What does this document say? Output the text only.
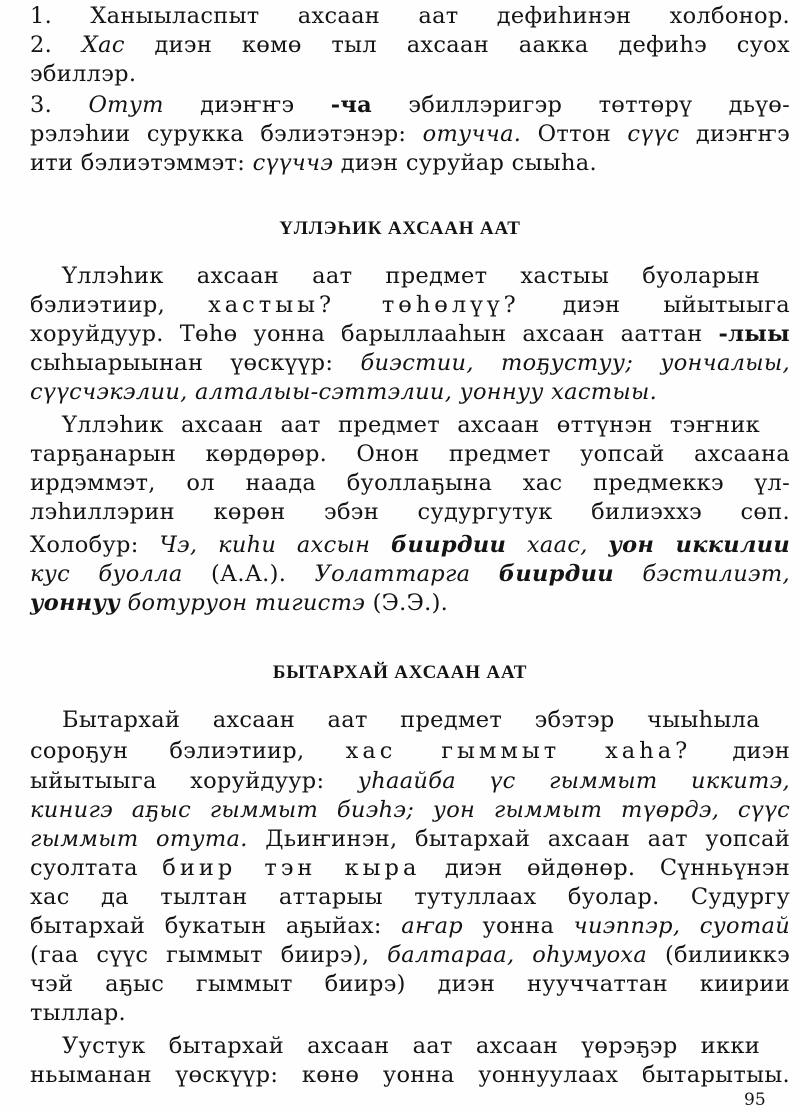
1. Ханыыласпыт ахсаан аат дефиhинэн холбонор.

2. Хас диэн көмө тыл ахсаан аакка дефиhэ суох

эбиллэр.

3. Отут диэҥҥэ -ча эбиллэригэр төттөрү дьүө-

рэлэhии сурукка бэлиэтэнэр: отучча. Оттон сүүс диэҥҥэ

ити бэлиэтэммэт: сүүччэ диэн суруйар сыыhа.

ҮЛЛЭҺИК АХСААН ААТ

Үллэhик ахсаан аат предмет хастыы буоларын

бэлиэтиир, хастыы? төhөлүү? диэн ыйытыыга

хоруйдуур. Төhө уонна барыллааhын ахсаан ааттан -лыы

сыhыарыынан үөскүүр: биэстии, тоҕустуу; уончалыы,

сүүсчэкэлии, алталыы-сэттэлии, уоннуу хастыы.

Үллэhик ахсаан аат предмет ахсаан өттүнэн тэҥник

тарҕанарын көрдөрөр. Онон предмет уопсай ахсаана

ирдэммэт, ол наада буоллаҕына хас предмеккэ үл-

лэhиллэрин көрөн эбэн судургутук билиэххэ сөп.

Холобур: Чэ, киhи ахсын биирдии хаас, уон иккилии

кус буолла (А.А.). Уолаттарга биирдии бэстилиэт,

уоннуу ботуруон тигистэ (Э.Э.).

БЫТАРХАЙ АХСААН ААТ

Бытархай ахсаан аат предмет эбэтэр чыыhыла

сороҕун бэлиэтиир, хас гыммыт хаhа? диэн

ыйытыыга хоруйдуур: уhаайба үс гыммыт иккитэ,

кинигэ аҕыс гыммыт биэhэ; уон гыммыт түөрдэ, сүүс

гыммыт отута. Дьиҥинэн, бытархай ахсаан аат уопсай

суолтата биир тэн кыра диэн өйдөнөр. Сүнньүнэн

хас да тылтан аттарыы тутуллаах буолар. Судургу

бытархай букатын аҕыйах: аҥар уонна чиэппэр, суотай

(гаа сүүс гыммыт биирэ), балтараа, оhумуоха (билииккэ

чэй аҕыс гыммыт биирэ) диэн нууччаттан киирии

тыллар.

Уустук бытархай ахсаан аат ахсаан үөрэҕэр икки

ньыманан үөскүүр: көнө уонна уоннуулаах бытарытыы.

95
